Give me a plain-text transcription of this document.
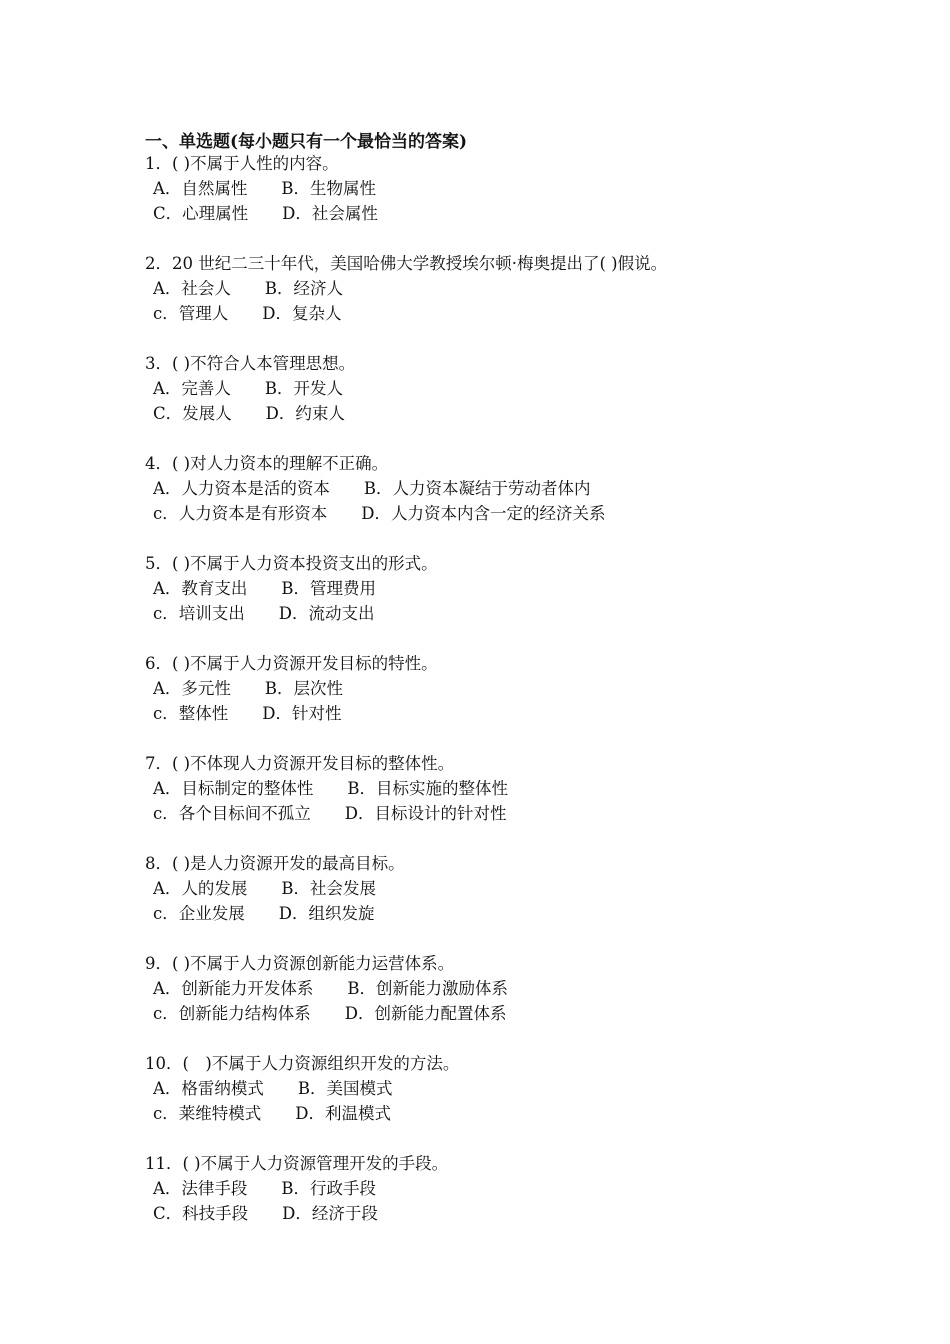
一、单选题(每小题只有一个最恰当的答案)
1．( )不属于人性的内容。
A．自然属性 B．生物属性
C．心理属性 D．社会属性
2．20 世纪二三十年代，美国哈佛大学教授埃尔顿·梅奥提出了( )假说。
A．社会人 B．经济人
c．管理人 D．复杂人
3．( )不符合人本管理思想。
A．完善人 B．开发人
C．发展人 D．约束人
4．( )对人力资本的理解不正确。
A．人力资本是活的资本 B．人力资本凝结于劳动者体内
c．人力资本是有形资本 D．人力资本内含一定的经济关系
5．( )不属于人力资本投资支出的形式。
A．教育支出 B．管理费用
c．培训支出 D．流动支出
6．( )不属于人力资源开发目标的特性。
A．多元性 B．层次性
c．整体性 D．针对性
7．( )不体现人力资源开发目标的整体性。
A．目标制定的整体性 B．目标实施的整体性
c．各个目标间不孤立 D．目标设计的针对性
8．( )是人力资源开发的最高目标。
A．人的发展 B．社会发展
c．企业发展 D．组织发旋
9．( )不属于人力资源创新能力运营体系。
A．创新能力开发体系 B．创新能力激励体系
c．创新能力结构体系 D．创新能力配置体系
10．(　)不属于人力资源组织开发的方法。
A．格雷纳模式 B．美国模式
c．莱维特模式 D．利温模式
11．( )不属于人力资源管理开发的手段。
A．法律手段 B．行政手段
C．科技手段 D．经济于段
